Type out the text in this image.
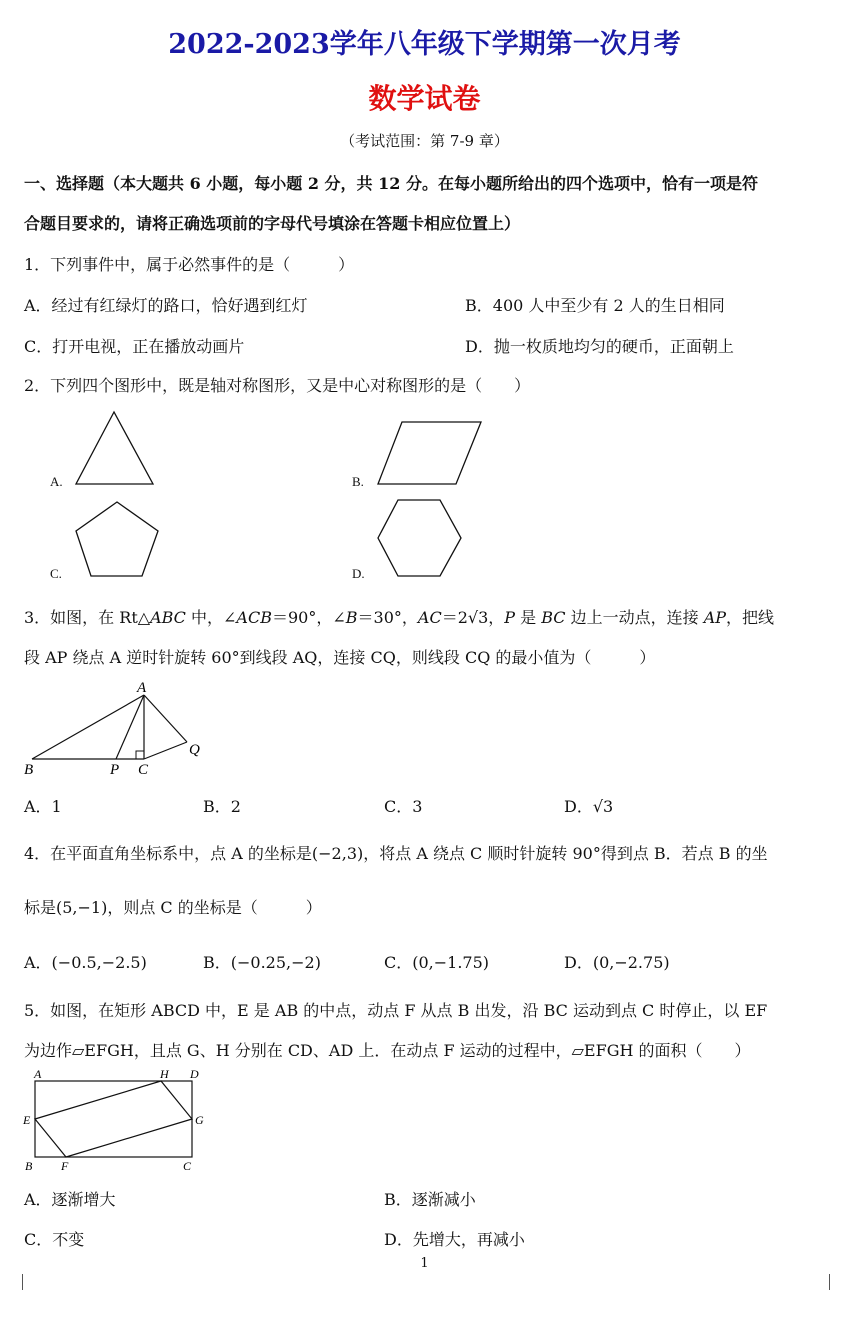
2022-2023学年八年级下学期第一次月考
数学试卷
（考试范围：第 7-9 章）
一、选择题（本大题共 6 小题，每小题 2 分，共 12 分。在每小题所给出的四个选项中，恰有一项是符
合题目要求的，请将正确选项前的字母代号填涂在答题卡相应位置上）
1．下列事件中，属于必然事件的是（　　　）
A．经过有红绿灯的路口，恰好遇到红灯	B．400 人中至少有 2 人的生日相同
C．打开电视，正在播放动画片	D．抛一枚质地均匀的硬币，正面朝上
2．下列四个图形中，既是轴对称图形，又是中心对称图形的是（　　）
A.	B.
C.	D.
3．如图，在 Rt△ABC 中，∠ACB＝90°，∠B＝30°，AC＝2√3，P 是 BC 边上一动点，连接 AP，把线
段 AP 绕点 A 逆时针旋转 60°到线段 AQ，连接 CQ，则线段 CQ 的最小值为（　　　）
A
B	P C
Q
A．1	B．2	C．3	D．√3
4．在平面直角坐标系中，点 A 的坐标是(−2,3)，将点 A 绕点 C 顺时针旋转 90°得到点 B．若点 B 的坐
标是(5,−1)，则点 C 的坐标是（　　　）
A．(−0.5,−2.5)	B．(−0.25,−2)	C．(0,−1.75)	D．(0,−2.75)
5．如图，在矩形 ABCD 中，E 是 AB 的中点，动点 F 从点 B 出发，沿 BC 运动到点 C 时停止，以 EF
为边作▱EFGH，且点 G、H 分别在 CD、AD 上．在动点 F 运动的过程中，▱EFGH 的面积（　　）
A	H D
E	G
B F	C
A．逐渐增大	B．逐渐减小
C．不变	D．先增大，再减小
1
